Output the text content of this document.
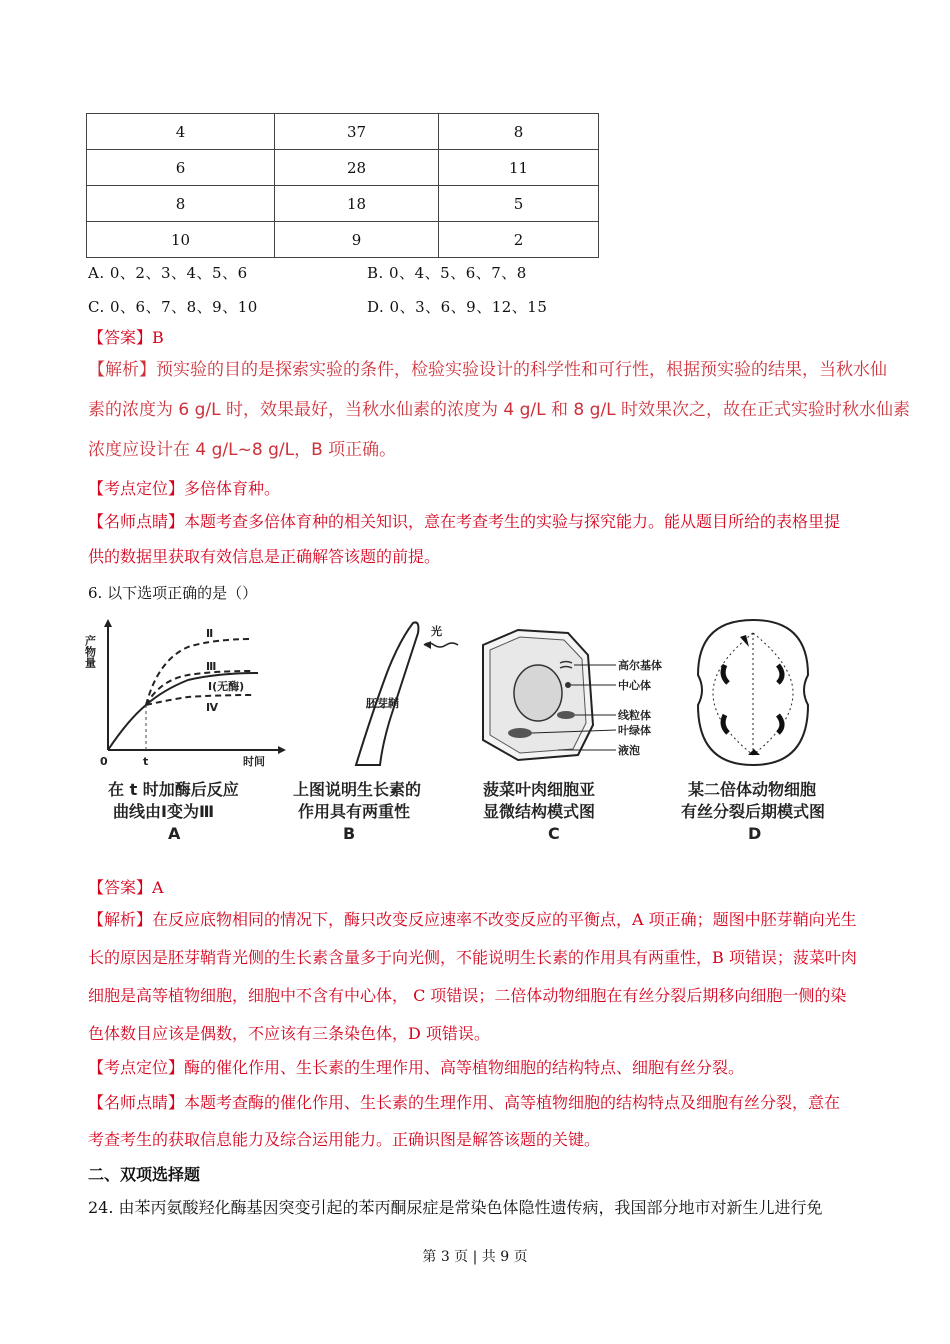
4	37	8
6	28	11
8	18	5
10	9	2
A. 0、2、3、4、5、6	B. 0、4、5、6、7、8
C. 0、6、7、8、9、10	D. 0、3、6、9、12、15
【答案】B
【解析】预实验的目的是探索实验的条件，检验实验设计的科学性和可行性，根据预实验的结果，当秋水仙
素的浓度为 6 g/L 时，效果最好，当秋水仙素的浓度为 4 g/L 和 8 g/L 时效果次之，故在正式实验时秋水仙素
浓度应设计在 4 g/L~8 g/L，B 项正确。
【考点定位】多倍体育种。
【名师点睛】本题考查多倍体育种的相关知识，意在考查考生的实验与探究能力。能从题目所给的表格里提
供的数据里获取有效信息是正确解答该题的前提。
6. 以下选项正确的是（）
产物量
时间
0	t
Ⅱ
Ⅲ
Ⅰ(无酶)
Ⅳ
在 t 时加酶后反应
曲线由Ⅰ变为Ⅲ
A
光
胚芽鞘
上图说明生长素的
作用具有两重性
B
高尔基体
中心体
线粒体
叶绿体
液泡
菠菜叶肉细胞亚
显微结构模式图
C
某二倍体动物细胞
有丝分裂后期模式图
D
【答案】A
【解析】在反应底物相同的情况下，酶只改变反应速率不改变反应的平衡点，A 项正确；题图中胚芽鞘向光生
长的原因是胚芽鞘背光侧的生长素含量多于向光侧，不能说明生长素的作用具有两重性，B 项错误；菠菜叶肉
细胞是高等植物细胞，细胞中不含有中心体， C 项错误；二倍体动物细胞在有丝分裂后期移向细胞一侧的染
色体数目应该是偶数，不应该有三条染色体，D 项错误。
【考点定位】酶的催化作用、生长素的生理作用、高等植物细胞的结构特点、细胞有丝分裂。
【名师点睛】本题考查酶的催化作用、生长素的生理作用、高等植物细胞的结构特点及细胞有丝分裂，意在
考查考生的获取信息能力及综合运用能力。正确识图是解答该题的关键。
二、双项选择题
24. 由苯丙氨酸羟化酶基因突变引起的苯丙酮尿症是常染色体隐性遗传病，我国部分地市对新生儿进行免
第 3 页 | 共 9 页
